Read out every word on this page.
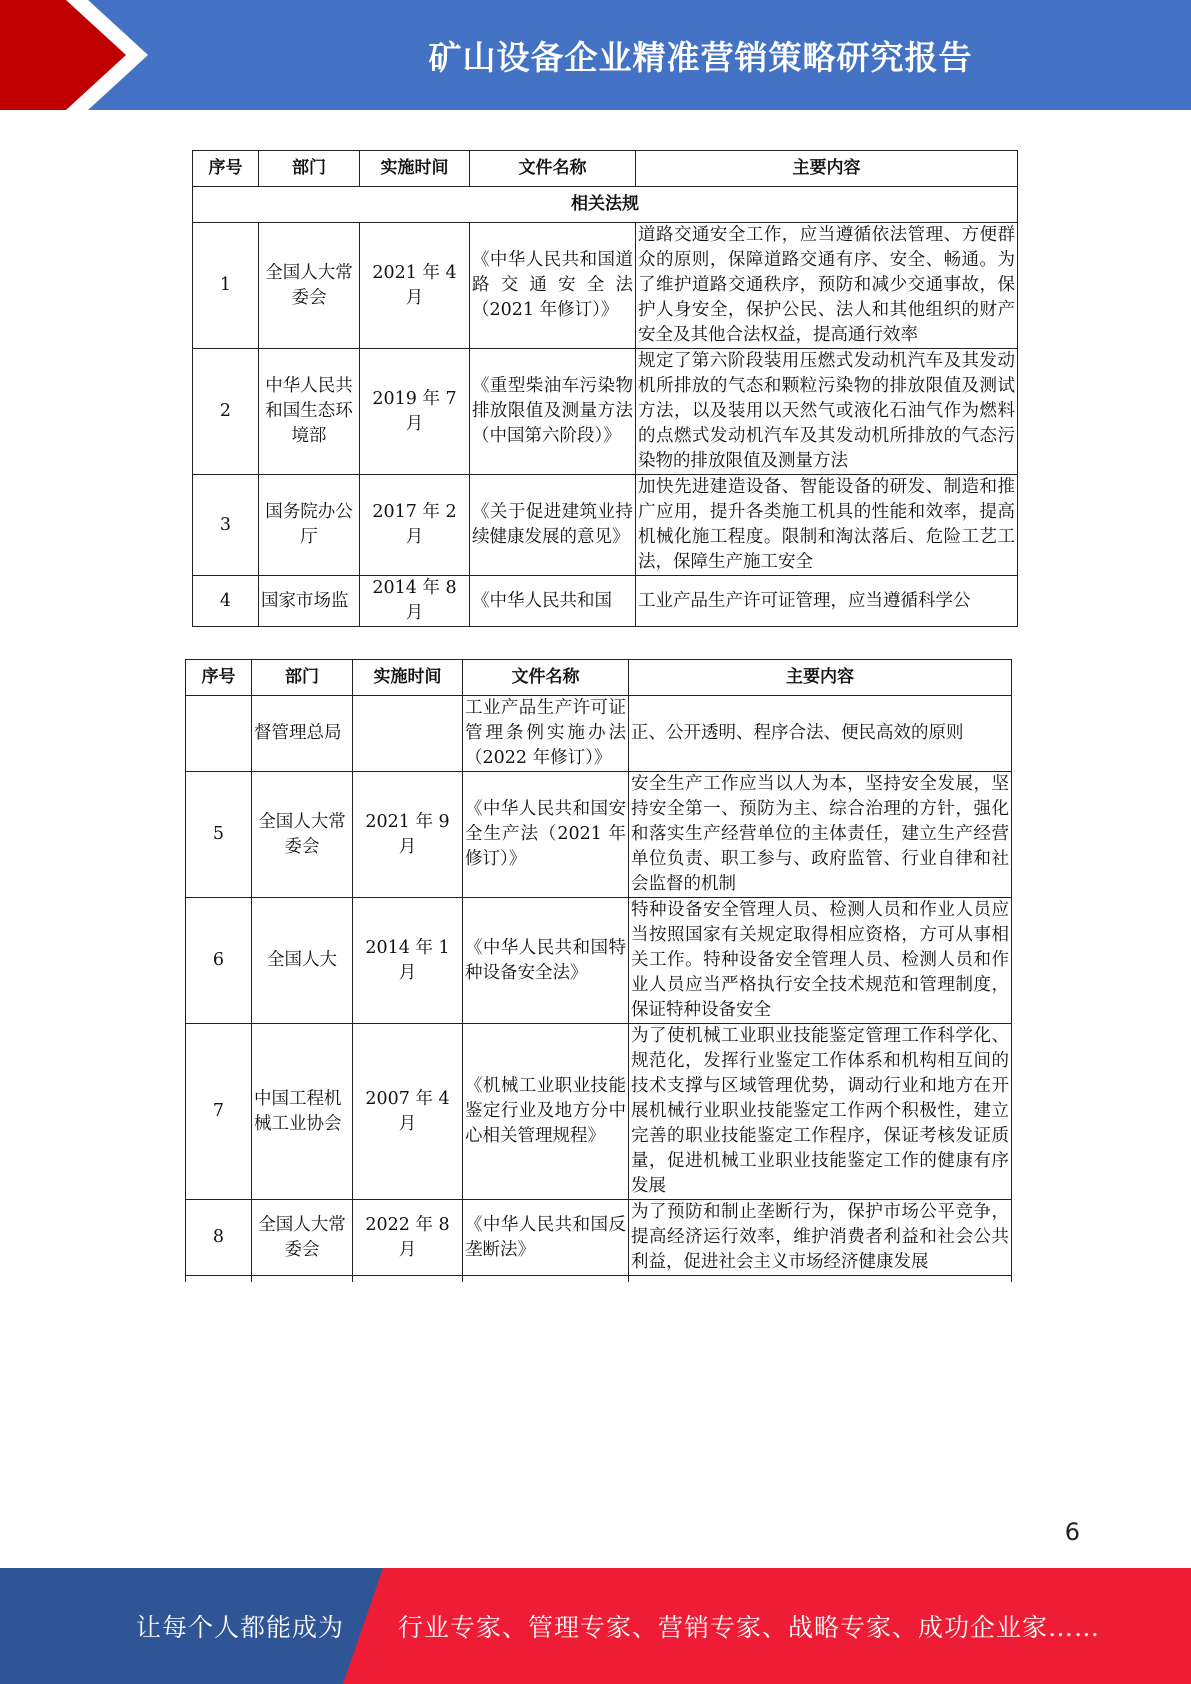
矿山设备企业精准营销策略研究报告
序号	部门	实施时间	文件名称	主要内容
相关法规				
1	全国人大常委会	2021 年 4 月	《中华人民共和国道路交通安全法（2021 年修订）》	道路交通安全工作，应当遵循依法管理、方便群众的原则，保障道路交通有序、安全、畅通。为了维护道路交通秩序，预防和减少交通事故，保护人身安全，保护公民、法人和其他组织的财产安全及其他合法权益，提高通行效率
2	中华人民共和国生态环境部	2019 年 7 月	《重型柴油车污染物排放限值及测量方法（中国第六阶段）》	规定了第六阶段装用压燃式发动机汽车及其发动机所排放的气态和颗粒污染物的排放限值及测试方法，以及装用以天然气或液化石油气作为燃料的点燃式发动机汽车及其发动机所排放的气态污染物的排放限值及测量方法
3	国务院办公厅	2017 年 2 月	《关于促进建筑业持续健康发展的意见》	加快先进建造设备、智能设备的研发、制造和推广应用，提升各类施工机具的性能和效率，提高机械化施工程度。限制和淘汰落后、危险工艺工法，保障生产施工安全
4	国家市场监	2014 年 8 月	《中华人民共和国	工业产品生产许可证管理，应当遵循科学公
序号	部门	实施时间	文件名称	主要内容
	督管理总局		工业产品生产许可证管理条例实施办法（2022 年修订）》	正、公开透明、程序合法、便民高效的原则
5	全国人大常委会	2021 年 9 月	《中华人民共和国安全生产法（2021 年修订）》	安全生产工作应当以人为本，坚持安全发展，坚持安全第一、预防为主、综合治理的方针，强化和落实生产经营单位的主体责任，建立生产经营单位负责、职工参与、政府监管、行业自律和社会监督的机制
6	全国人大	2014 年 1 月	《中华人民共和国特种设备安全法》	特种设备安全管理人员、检测人员和作业人员应当按照国家有关规定取得相应资格，方可从事相关工作。特种设备安全管理人员、检测人员和作业人员应当严格执行安全技术规范和管理制度，保证特种设备安全
7	中国工程机械工业协会	2007 年 4 月	《机械工业职业技能鉴定行业及地方分中心相关管理规程》	为了使机械工业职业技能鉴定管理工作科学化、规范化，发挥行业鉴定工作体系和机构相互间的技术支撑与区域管理优势，调动行业和地方在开展机械行业职业技能鉴定工作两个积极性，建立完善的职业技能鉴定工作程序，保证考核发证质量，促进机械工业职业技能鉴定工作的健康有序发展
8	全国人大常委会	2022 年 8 月	《中华人民共和国反垄断法》	为了预防和制止垄断行为，保护市场公平竞争，提高经济运行效率，维护消费者利益和社会公共利益，促进社会主义市场经济健康发展

6
让每个人都能成为	行业专家、管理专家、营销专家、战略专家、成功企业家……
